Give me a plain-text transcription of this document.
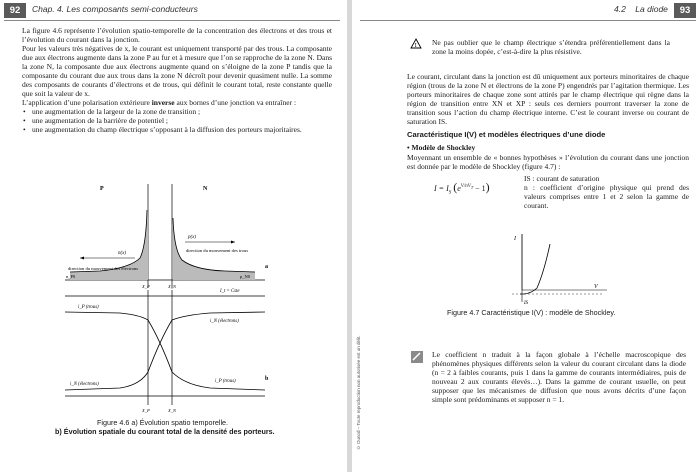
92	Chap. 4. Les composants semi-conducteurs

La figure 4.6 représente l’évolution spatio-temporelle de la concentration des électrons et des trous et l’évolution du courant dans la jonction.

Pour les valeurs très négatives de x, le courant est uniquement transporté par des trous. La composante due aux électrons augmente dans la zone P au fur et à mesure que l’on se rapproche de la zone N. Dans la zone N, la composante due aux électrons augmente quand on s’éloigne de la zone P tandis que la composante du courant due aux trous dans la zone N décroît pour devenir quasiment nulle. La somme des composants de courants d’électrons et de trous, qui définit le courant total, reste constante quelle que soit la valeur de x.

L’application d’une polarisation extérieure inverse aux bornes d’une jonction va entraîner :

• une augmentation de la largeur de la zone de transition ;
• une augmentation de la barrière de potentiel ;
• une augmentation du champ électrique s’opposant à la diffusion des porteurs majoritaires.
P	N
n(x)
direction du mouvement des électrons
p(x)
direction du mouvement des trous
n_P0	p_N0
X_P	X_N
a
I_t = Cste
i_P (trous)
i_N (électrons)
i_N (électrons)
i_P (trous)
X_P	X_N
b
Figure 4.6 a) Évolution spatio temporelle.
b) Évolution spatiale du courant total de la densité des porteurs.
4.2 La diode	93
! Ne pas oublier que le champ électrique s’étendra préférentiellement dans la zone la moins dopée, c’est-à-dire la plus résistive.
Le courant, circulant dans la jonction est dû uniquement aux porteurs minoritaires de chaque région (trous de la zone N et électrons de la zone P) engendrés par l’agitation thermique. Les porteurs minoritaires de chaque zone sont attirés par le champ électrique qui règne dans la région de transition entre XN et XP : seuls ces derniers pourront traverser la zone de transition sous l’action du champ électrique interne. C’est le courant inverse ou courant de saturation IS.
Caractéristique I(V) et modèles électriques d’une diode
• Modèle de Shockley
Moyennant un ensemble de « bonnes hypothèses » l’évolution du courant dans une jonction est donnée par le modèle de Shockley (figure 4.7) :
$I = I_S$ $(e^{V/nV_T} - 1)$

IS : courant de saturation

n : coefficient d’origine physique qui prend des valeurs comprises entre 1 et 2 selon la gamme de courant.

I
V
IS
Figure 4.7 Caractéristique I(V) : modèle de Shockley.
Le coefficient n traduit à la façon globale à l’échelle macroscopique des phénomènes physiques différents selon la valeur du courant circulant dans la diode (n = 2 à faibles courants, puis 1 dans la gamme de courants intermédiaires, puis de nouveau 2 aux courants élevés…). Dans la gamme de courant usuelle, on peut supposer que les mécanismes de diffusion que nous avons décrits d’une façon simple sont prédominants et supposer n = 1.
© Dunod – Toute reproduction non autorisée est un délit.
